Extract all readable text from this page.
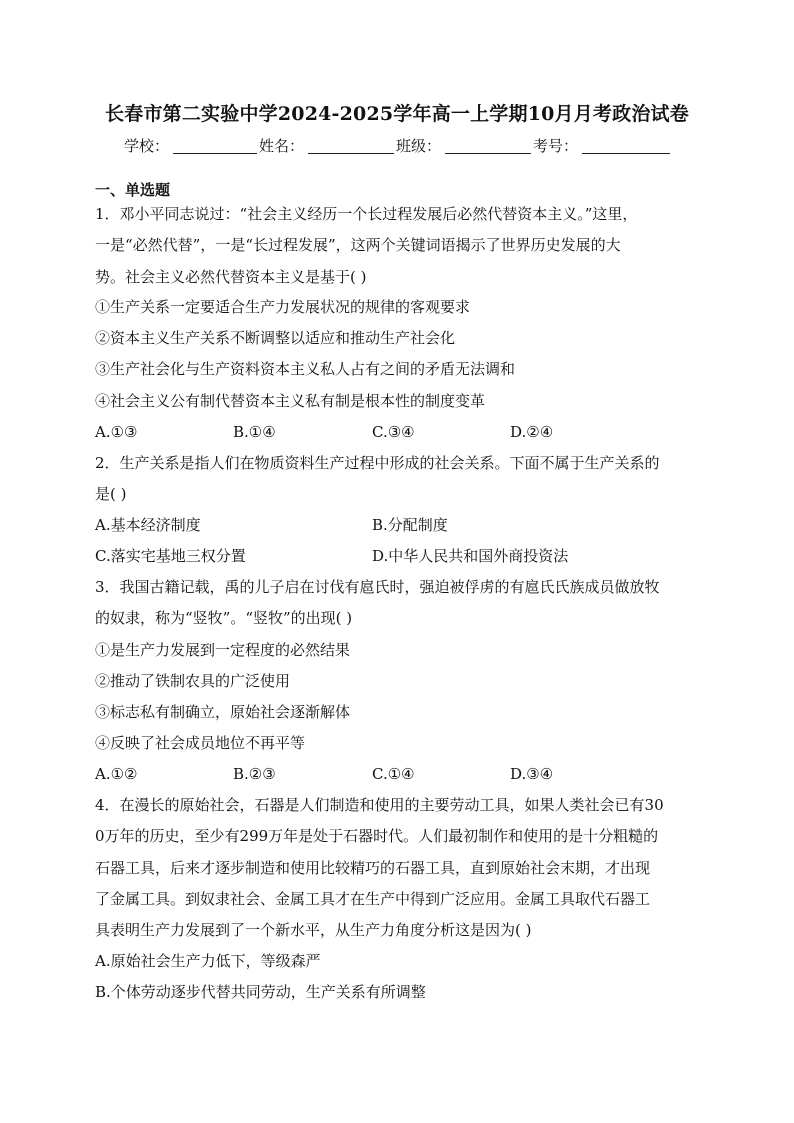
长春市第二实验中学2024-2025学年高一上学期10月月考政治试卷
学校：	姓名：	班级：	考号：
一、单选题
1．邓小平同志说过：“社会主义经历一个长过程发展后必然代替资本主义。”这里，
一是“必然代替”，一是“长过程发展”，这两个关键词语揭示了世界历史发展的大
势。社会主义必然代替资本主义是基于( )
①生产关系一定要适合生产力发展状况的规律的客观要求
②资本主义生产关系不断调整以适应和推动生产社会化
③生产社会化与生产资料资本主义私人占有之间的矛盾无法调和
④社会主义公有制代替资本主义私有制是根本性的制度变革
A.①③	B.①④	C.③④	D.②④
2．生产关系是指人们在物质资料生产过程中形成的社会关系。下面不属于生产关系的
是( )
A.基本经济制度	B.分配制度
C.落实宅基地三权分置	D.中华人民共和国外商投资法
3．我国古籍记载，禹的儿子启在讨伐有扈氏时，强迫被俘虏的有扈氏氏族成员做放牧
的奴隶，称为“竖牧”。“竖牧”的出现( )
①是生产力发展到一定程度的必然结果
②推动了铁制农具的广泛使用
③标志私有制确立，原始社会逐渐解体
④反映了社会成员地位不再平等
A.①②	B.②③	C.①④	D.③④
4．在漫长的原始社会，石器是人们制造和使用的主要劳动工具，如果人类社会已有30
0万年的历史，至少有299万年是处于石器时代。人们最初制作和使用的是十分粗糙的
石器工具，后来才逐步制造和使用比较精巧的石器工具，直到原始社会末期，才出现
了金属工具。到奴隶社会、金属工具才在生产中得到广泛应用。金属工具取代石器工
具表明生产力发展到了一个新水平，从生产力角度分析这是因为( )
A.原始社会生产力低下，等级森严
B.个体劳动逐步代替共同劳动，生产关系有所调整
